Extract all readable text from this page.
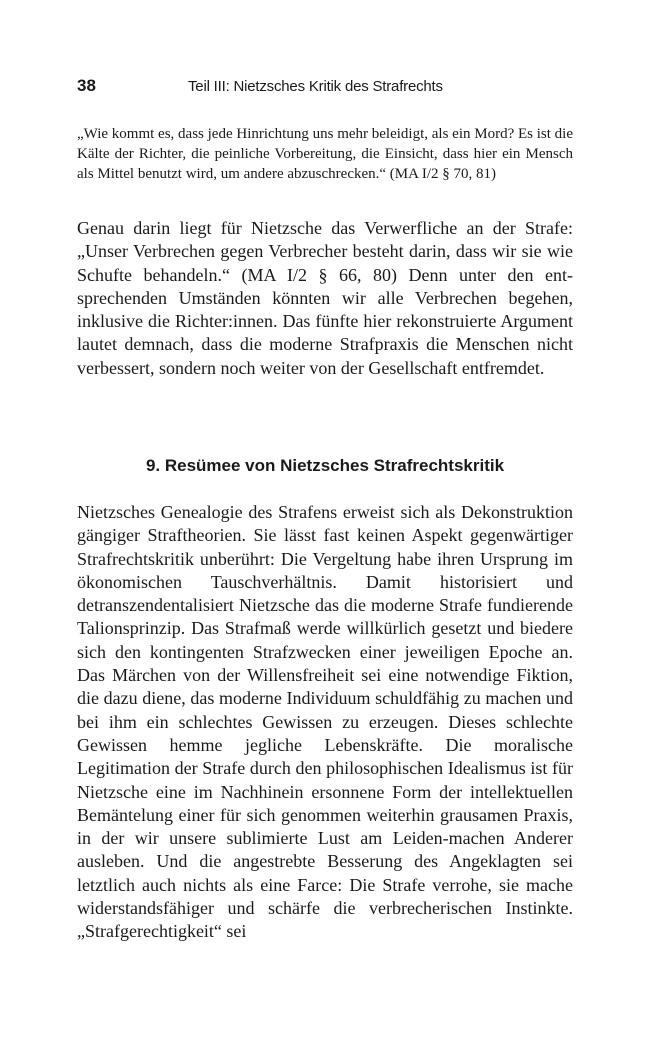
38	Teil III: Nietzsches Kritik des Strafrechts

„Wie kommt es, dass jede Hinrichtung uns mehr beleidigt, als ein Mord? Es ist die Kälte der Richter, die peinliche Vorbereitung, die Einsicht, dass hier ein Mensch als Mittel benutzt wird, um andere abzuschrecken.“ (MA I/2 § 70, 81)

Genau darin liegt für Nietzsche das Verwerfliche an der Strafe: „Unser Verbrechen gegen Verbrecher besteht darin, dass wir sie wie Schufte behandeln.“ (MA I/2 § 66, 80) Denn unter den entsprechenden Umständen könnten wir alle Verbrechen begehen, inklusive die Richter:innen. Das fünfte hier rekonstruierte Argument lautet demnach, dass die moderne Strafpraxis die Menschen nicht verbessert, sondern noch weiter von der Gesellschaft entfremdet.

9. Resümee von Nietzsches Strafrechtskritik

Nietzsches Genealogie des Strafens erweist sich als Dekonstruktion gängiger Straftheorien. Sie lässt fast keinen Aspekt gegenwärtiger Strafrechtskritik unberührt: Die Vergeltung habe ihren Ursprung im ökonomischen Tauschverhältnis. Damit historisiert und detranszendentalisiert Nietzsche das die moderne Strafe fundierende Talionsprinzip. Das Strafmaß werde willkürlich gesetzt und biedere sich den kontingenten Strafzwecken einer jeweiligen Epoche an. Das Märchen von der Willensfreiheit sei eine notwendige Fiktion, die dazu diene, das moderne Individuum schuldfähig zu machen und bei ihm ein schlechtes Gewissen zu erzeugen. Dieses schlechte Gewissen hemme jegliche Lebenskräfte. Die moralische Legitimation der Strafe durch den philosophischen Idealismus ist für Nietzsche eine im Nachhinein ersonnene Form der intellektuellen Bemäntelung einer für sich genommen weiterhin grausamen Praxis, in der wir unsere sublimierte Lust am Leiden-machen Anderer ausleben. Und die angestrebte Besserung des Angeklagten sei letztlich auch nichts als eine Farce: Die Strafe verrohe, sie mache widerstandsfähiger und schärfe die verbrecherischen Instinkte. „Strafgerechtigkeit“ sei
